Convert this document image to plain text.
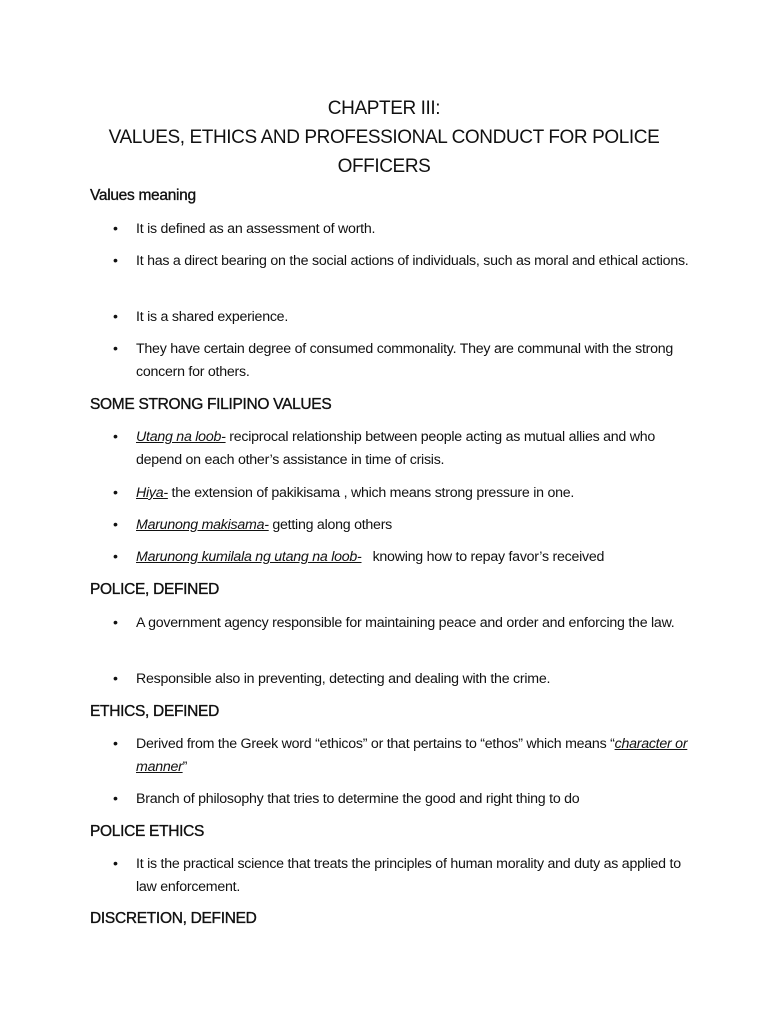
CHAPTER III:
VALUES, ETHICS AND PROFESSIONAL CONDUCT FOR POLICE
OFFICERS
Values meaning
• It is defined as an assessment of worth.
• It has a direct bearing on the social actions of individuals, such as moral and ethical actions.
• It is a shared experience.
• They have certain degree of consumed commonality. They are communal with the strong concern for others.
SOME STRONG FILIPINO VALUES
• Utang na loob- reciprocal relationship between people acting as mutual allies and who depend on each other’s assistance in time of crisis.
• Hiya- the extension of pakikisama , which means strong pressure in one.
• Marunong makisama- getting along others
• Marunong kumilala ng utang na loob-   knowing how to repay favor’s received
POLICE, DEFINED
• A government agency responsible for maintaining peace and order and enforcing the law.
• Responsible also in preventing, detecting and dealing with the crime.
ETHICS, DEFINED
• Derived from the Greek word “ethicos” or that pertains to “ethos” which means “character or manner”
• Branch of philosophy that tries to determine the good and right thing to do
POLICE ETHICS
• It is the practical science that treats the principles of human morality and duty as applied to law enforcement.
DISCRETION, DEFINED
